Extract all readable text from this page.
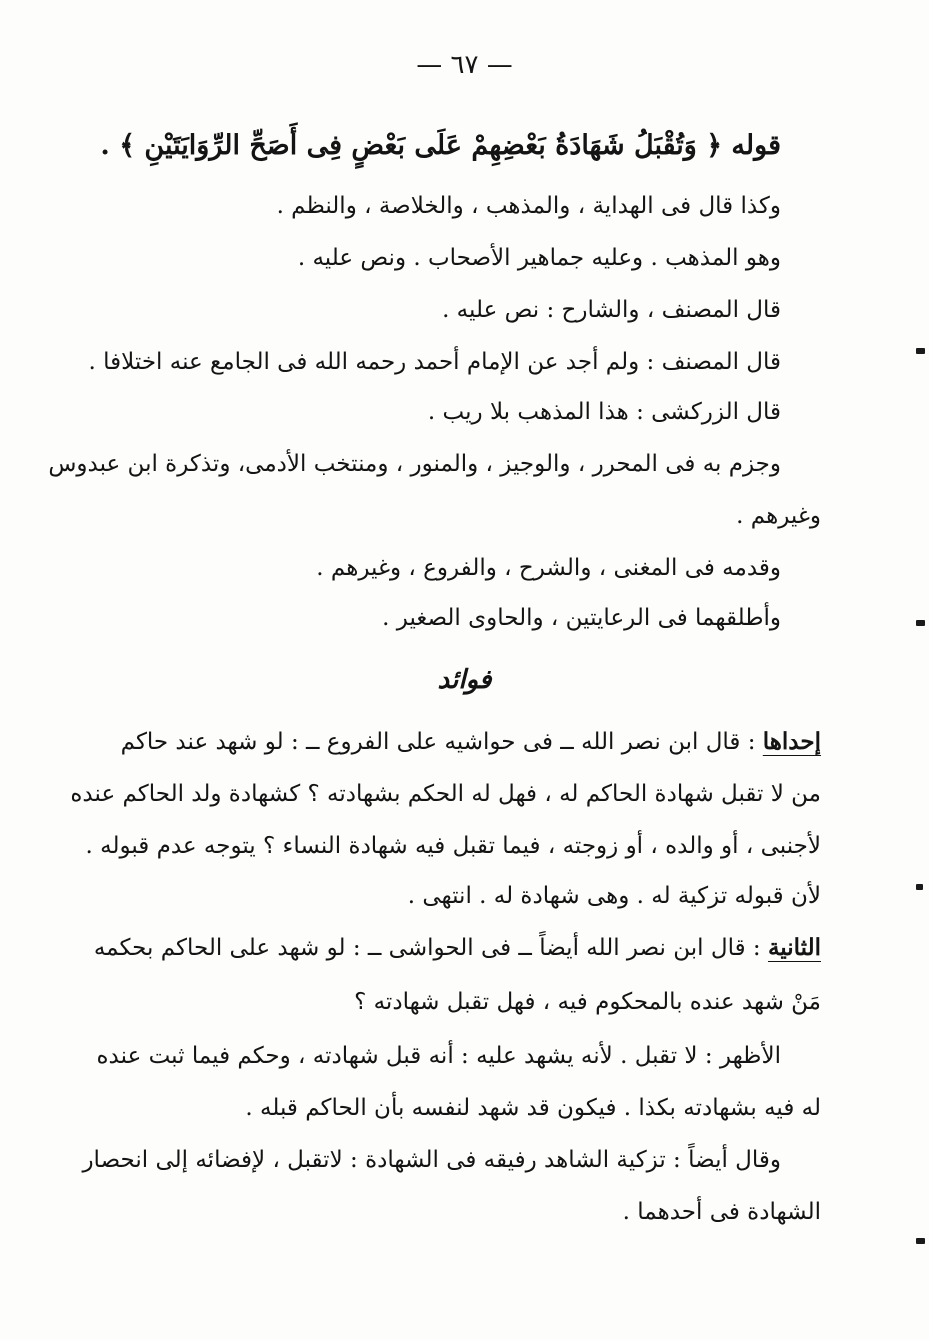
— ٦٧ —
قوله ﴿ وَتُقْبَلُ شَهَادَةُ بَعْضِهِمْ عَلَى بَعْضٍ فِى أَصَحِّ الرِّوَايَتَيْنِ ﴾ .
وكذا قال فى الهداية ، والمذهب ، والخلاصة ، والنظم .
وهو المذهب . وعليه جماهير الأصحاب . ونص عليه .
قال المصنف ، والشارح : نص عليه .
قال المصنف : ولم أجد عن الإمام أحمد رحمه الله فى الجامع عنه اختلافا .
قال الزركشى : هذا المذهب بلا ريب .
وجزم به فى المحرر ، والوجيز ، والمنور ، ومنتخب الأدمى، وتذكرة ابن عبدوس
وغيرهم .
وقدمه فى المغنى ، والشرح ، والفروع ، وغيرهم .
وأطلقهما فى الرعايتين ، والحاوى الصغير .
فوائد
إحداها : قال ابن نصر الله ــ فى حواشيه على الفروع ــ : لو شهد عند حاكم
من لا تقبل شهادة الحاكم له ، فهل له الحكم بشهادته ؟ كشهادة ولد الحاكم عنده
لأجنبى ، أو والده ، أو زوجته ، فيما تقبل فيه شهادة النساء ؟ يتوجه عدم قبوله .
لأن قبوله تزكية له . وهى شهادة له . انتهى .
الثانية : قال ابن نصر الله أيضاً ــ فى الحواشى ــ : لو شهد على الحاكم بحكمه
مَنْ شهد عنده بالمحكوم فيه ، فهل تقبل شهادته ؟
الأظهر : لا تقبل . لأنه يشهد عليه : أنه قبل شهادته ، وحكم فيما ثبت عنده
له فيه بشهادته بكذا . فيكون قد شهد لنفسه بأن الحاكم قبله .
وقال أيضاً : تزكية الشاهد رفيقه فى الشهادة : لاتقبل ، لإفضائه إلى انحصار
الشهادة فى أحدهما .
